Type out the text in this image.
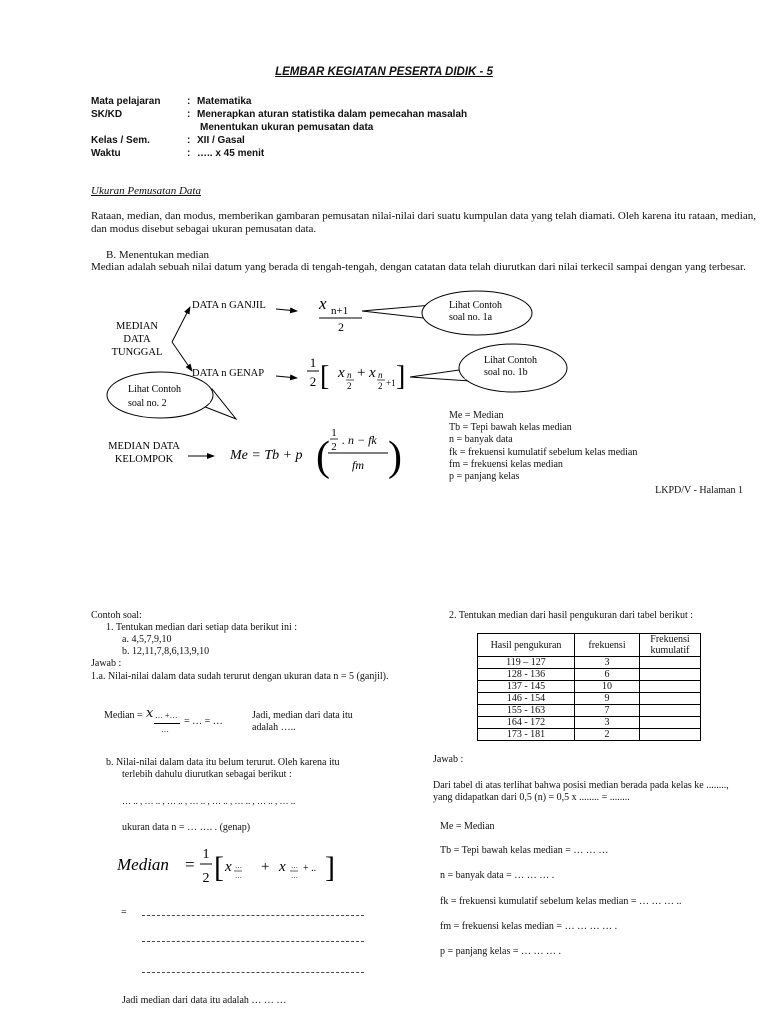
LEMBAR KEGIATAN PESERTA DIDIK - 5
Mata pelajaran	:	Matematika
SK/KD	:	Menerapkan aturan statistika dalam pemecahan masalah
		Menentukan ukuran pemusatan data
Kelas / Sem.	:	XII / Gasal
Waktu	:	….. x 45 menit
Ukuran Pemusatan Data
Rataan, median, dan modus, memberikan gambaran pemusatan nilai-nilai dari suatu kumpulan data yang telah diamati. Oleh karena itu rataan, median, dan modus disebut sebagai ukuran pemusatan data.
B. Menentukan median
Median adalah sebuah nilai datum yang berada di tengah-tengah, dengan catatan data telah diurutkan dari nilai terkecil sampai dengan yang terbesar.
MEDIAN
DATA
TUNGGAL
DATA n GANJIL	x n+1
2
Lihat Contoh
soal no. 1a
DATA n GENAP
1
2 [ x n
2
+ x n
2 +1 ]
Lihat Contoh
soal no. 1b
Lihat Contoh
soal no. 2
MEDIAN DATA
KELOMPOK	Me = Tb + p (
1
2 . n − fk
fm )
Me = Median
Tb = Tepi bawah kelas median
n = banyak data
fk = frekuensi kumulatif sebelum kelas median
fm = frekuensi kelas median
p = panjang kelas
LKPD/V - Halaman 1
Contoh soal:
1. Tentukan median dari setiap data berikut ini :
a. 4,5,7,9,10
b. 12,11,7,8,6,13,9,10
Jawab :
1.a. Nilai-nilai dalam data sudah terurut dengan ukuran data n = 5 (ganjil).
Median = x … +…
…
= … = …
Jadi, median dari data itu
adalah …..
b. Nilai-nilai dalam data itu belum terurut. Oleh karena itu
terlebih dahulu diurutkan sebagai berikut :
… .. , … .. , … .. , … .. , … .. , … .. , … .. , … ..
ukuran data n = … …. . (genap)
Median =
1
2 [ x …
…
+ x …
…
+ .. ]
=
Jadi median dari data itu adalah … … …
2. Tentukan median dari hasil pengukuran dari tabel berikut :
Hasil pengukuran	frekuensi	Frekuensi kumulatif
119 – 127	3	
128 - 136	6	
137 - 145	10	
146 - 154	9	
155 - 163	7	
164 - 172	3	
173 - 181	2	
Jawab :
Dari tabel di atas terlihat bahwa posisi median berada pada kelas ke ........, yang didapatkan dari 0,5 (n) = 0,5 x ........ = ........
Me = Median
Tb = Tepi bawah kelas median = … … …
n = banyak data = … … … .
fk = frekuensi kumulatif sebelum kelas median = … … … ..
fm = frekuensi kelas median = … … … … .
p = panjang kelas = … … … .
